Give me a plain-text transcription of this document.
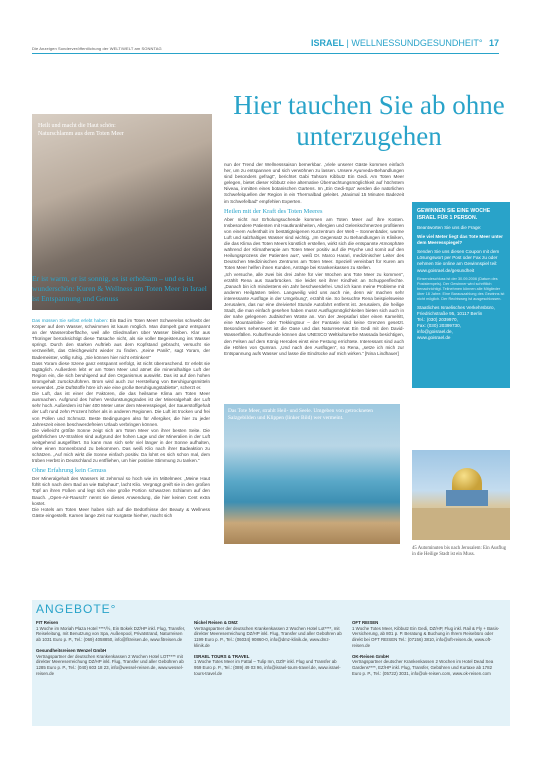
Die Anzeigen Sonderveröffentlichung der WELT/WELT am SONNTAG
ISRAEL | WELLNESSUNDGESUNDHEIT° 17
Heilt und macht die Haut schön: Naturschlamm aus dem Toten Meer
Hier tauchen Sie ab ohne unterzugehen
Er ist warm, er ist sonnig, es ist erholsam – und es ist wunderschön: Kuren & Wellness am Toten Meer in Israel ist Entspannung und Genuss

Das müssen Sie selbst erlebt haben: Ein Bad im Toten Meer! Schwerelos schwebt der Körper auf dem Wasser, schwimmen ist kaum möglich. Man dümpelt ganz entspannt an der Wasseroberfläche, weil alle Gliedmaßen über Wasser bleiben. Klar aus Thüringer berücksichtigt diese Tatsache nicht, als sie voller Begeisterung ins Wasser springt. Durch den starken Auftrieb aus dem Kopfstand gebracht, versucht sie verzweifelt, das Gleichgewicht wieder zu finden. „Keine Panik“, sagt Yoram, der Bademeister, völlig ruhig. „Sie können hier nicht ertrinken!“

Dass Yoram diese Szene ganz entspannt verfolgt, ist nicht überraschend. Er erlebt sie tagtäglich. Außerdem lebt er am Toten Meer und atmet die mineralhaltige Luft der Region ein, die sich beruhigend auf den Organismus auswirkt. Das ist auf den hohen Bromgehalt zurückzuführen. Brom wird auch zur Herstellung von Beruhigungsmitteln verwendet. „Die Duftstoffe höre ich wie eine große Beruhigungstablette“, scherzt er.

Die Luft, das ist einer der Faktoren, die das heilsame Klima am Toten Meer ausmachen. Aufgrund des hohen Verdunstungsgrades ist der Mineralgehalt der Luft sehr hoch. Außerdem ist hier 400 Meter unter dem Meeresspiegel, der Sauerstoffgehalt der Luft rund zehn Prozent höher als in anderen Regionen. Die Luft ist trocken und frei von Pollen und Schmutz. Beste Bedingungen also für Allergiker, die hier zu jeder Jahreszeit einen beschwerdefreien Urlaub verbringen können.

Die vielleicht größte Sonne zeigt sich am Toten Meer von ihrer besten Seite. Die gefährlichen UV-Strahlen sind aufgrund der hohen Lage und der Mineralien in der Luft weitgehend ausgefiltert. So kann man sich sehr viel länger in der Sonne aufhalten, ohne einen Sonnenbrand zu bekommen. Das weiß Klio nach ihrer Badeaktion zu schätzen. „Auf mich wirkt die Sonne einfach positiv. Da lohnt es sich schon mal, dem trüben Herbst in Deutschland zu entfliehen, um hier positive Stimmung zu tanken.“

Ohne Erfahrung kein Genuss

Der Mineralgehalt des Wassers ist zehnmal so hoch wie im Mittelmeer. „Meine Haut fühlt sich nach dem Bad an wie Babyhaut“, lacht Klio. Vergnügt greift sie in den großen Topf an ihren Füßen und legt sich eine große Portion schwarzen Schlamm auf den Bauch. „Open-Air-Rausch“ nennt sie dieses Anwendung, die hier keinen Cent extra kostet.

Die Hotels am Toten Meer haben sich auf die Bedürfnisse der Beauty & Wellness Gäste eingestellt. Kamen lange Zeit nur Kurgäste hierher, macht sich

nun der Trend der Wellnesssaison bemerkbar. „Viele unserer Gäste kommen einfach her, um zu entspannen und sich verwöhnen zu lassen. Unsere Ayurveda-Behandlungen sind besonders gefragt“, berichtet Gabi Tahsom Kibbutz Ein Gedi. Am Toten Meer gelegen, bietet dieser Kibbutz eine alternative Übernachtungsmöglichkeit auf höchstem Niveau, inmitten eines botanischen Gartens. Im „Ein Gedi-Spa“ werden die natürlichen Schwefelquellen der Region in ein Thermalbad geleitet. „Maximal 15 Minuten Badezeit im Schwefelbad“ empfehlen Experten.

Heilen mit der Kraft des Toten Meeres

Aber nicht nur Erholungsuchende kommen am Toten Meer auf ihre Kosten. Insbesondere Patienten mit Hautkrankheiten, Allergien und Gelenkschmerzen profitieren von einem Aufenthalt im bestätigteigenen Kurzentrum der Welt – Sonnenbäder, warme Luft und salzhaltiges Wasser sind wichtig. „Im Gegensatz zu Behandlungen in Kliniken, die das Klima des Toten Meers künstlich erstellen, wirkt sich die entspannte Atmosphäre während der Klimatherapie am Toten Meer positiv auf die Psyche und somit auf den Heilungsprozess der Patienten aus“, weiß Dr. Marco Harari, medizinischer Leiter des Deutschen Medizinischen Zentrums am Toten Meer. Speziell vereinbart für Kuren am Toten Meer helfen ihnen Kunden, Anträge bei Krankenkassen zu stellen.

„Ich versuche, alle zwei bis drei Jahre für vier Wochen ans Tote Meer zu kommen“, erzählt Rena aus Saarbrücken. Sie leidet seit ihrer Kindheit an Schuppenflechte. „Danach bin ich mindestens ein Jahr beschwerdefrei. Und ich kann meine Probleme mit anderen Heilgästen teilen. Langweilig wird uns auch nie, denn wir machen sehr interessante Ausflüge in der Umgebung“, erzählt sie. So besuchte Rena beispielsweise Jerusalem, das nur eine dreiviertel Stunde Autofahrt entfernt ist. Jerusalem, die heilige Stadt, die man einfach gesehen haben muss! Ausflugsmöglichkeiten bieten sich auch in der nahe gelegenen Judäischen Wüste an. Von der Jeepsafari über einen Kamelritt, eine Mountainbike- oder Trekkingtour – der Fantasie sind keine Grenzen gesetzt. Besonders sehenswert ist die Oase und das Naturreservat Ein Gedi mit den David-Wasserfällen. Kulturfreunde können das UNESCO Weltkulturerbe Massada besichtigen, den Felsen auf dem König Herodes einst eine Festung errichtete. Interessant sind auch die Höhlen von Qumran. „Und nach den Ausflügen“, so Rena, „setze ich mich zur Entspannung aufs Wasser und lasse die Eindrücke auf mich wirken.“ [Nina Lindhauer]

GEWINNEN SIE EINE WOCHE ISRAEL FÜR 1 PERSON.
Beantworten Sie uns die Frage:
Wie viel Meter liegt das Tote Meer unter dem Meeresspiegel?
Senden Sie uns diesen Coupon mit dem Lösungswort per Post oder Fax zu oder nehmen Sie online am Gewinnspiel teil: www.goisrael.de/gesundheit
Einsendeschluss ist der 30.09.2006 (Datum des Poststempels). Der Gewinner wird schriftlich benachrichtigt. Teilnehmen können alle Mitglieder über 18 Jahre. Eine Barauszahlung des Gewinns ist nicht möglich. Der Rechtsweg ist ausgeschlossen.
Staatliches Israelisches Verkehrsbüro, Friedrichstraße 95, 10117 Berlin
Tel.: (030) 2039970,
Fax: (030) 20399730,
info@goisrael.de,
www.goisrael.de
Das Tote Meer, strahlt Heil- und Seele. Umgeben von getrockneten Salzgebilden und Klippen (linker Bild) wer vermeint.
45 Autominuten bis nach Jerusalem: Ein Ausflug in die Heilige Stadt ist ein Muss.
ANGEBOTE°
FIT Reisen
1 Woche im Moriah Plaza Hotel ****/½, Ein Bokek DZ/HP inkl. Flug, Transfer, Reiseleitung, mit Benutzung von Spa, Außenpool, Privatstrand, Naturreisen ab 1031 Euro p. P., Tel.: (069) 4058850, info@fitreisen.de, www.fitreisen.de
Gesundheitsreisen Wenzel GmbH
Vertragspartner der deutschen Krankenkassen 2 Wochen Hotel LOT**** mit direkter Meereserreichung DZ/HP inkl. Flug, Transfer und aller Gebühren ab 1285 Euro p. P., Tel.: (040) 603 18 23, info@wessel-reisen.de, www.wessel-reisen.de
Nickel Reisen & DMZ
Vertragspartner der deutschen Krankenkassen 2 Wochen Hotel Lot****, mit direkter Meereserreichung DZ/HP inkl. Flug, Transfer und aller Gebühren ab 1199 Euro p. P., Tel.: (06034) 90860-0, info@dmz-klinik.de, www.dmz-klinik.de
ISRAEL TOURS & TRAVEL
1 Woche Totes Meer im Fattal – Tulip Inn, DZ/F inkl. Flug und Transfer ab 959 Euro p. P., Tel.: (089) 49 03 96, info@israel-tours-travel.de, www.israel-tours-travel.de
OFT REISEN
1 Woche Totes Meer, Kibbutz Ein Gedi, DZ/HP, Flug inkl. Rail & Fly + Basis-Versicherung, ab 801 p. P. Beratung & Buchung in Ihrem Reisebüro oder direkt bei OFT REISEN Tel.: (07156) 3810, info@oft-reisen.de, www.oft-reisen.de
OK-Reisen GmbH
Vertragspartner deutscher Krankenkassen 2 Wochen im Hotel Dead Sea Gardens****, EZ/HP inkl. Flug, Transfer, Gebühren und Kurtaxe ab 1782 Euro p. P., Tel.: (05722) 3031, info@ok-reisen.com, www.ok-reisen.com
